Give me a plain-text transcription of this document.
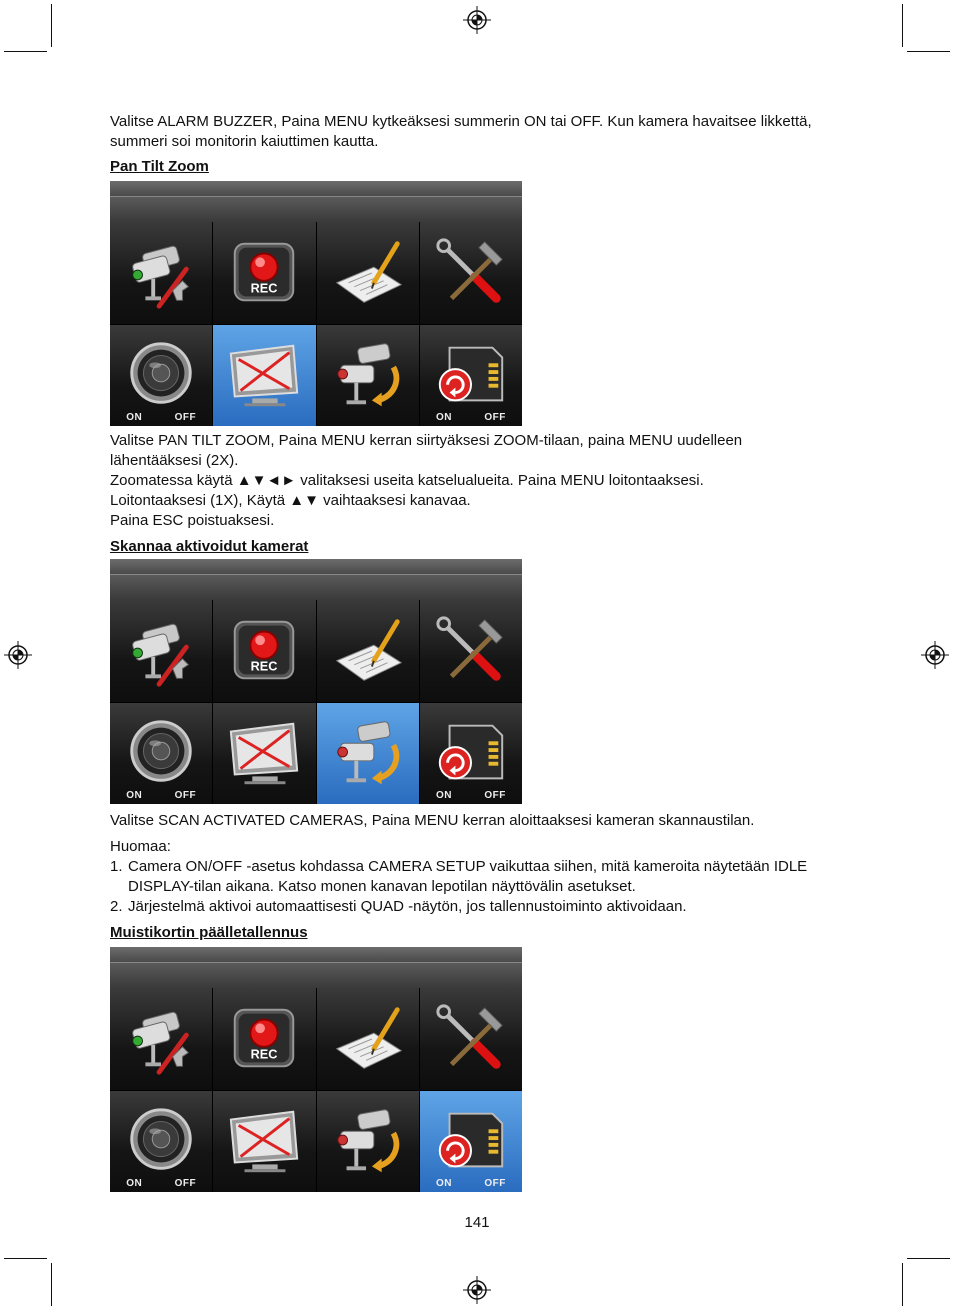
Valitse ALARM BUZZER, Paina MENU kytkeäksesi summerin ON tai OFF. Kun kamera havaitsee likkettä, summeri soi monitorin kaiuttimen kautta.

Pan Tilt Zoom

REC
ON	OFF	ON	OFF
Valitse PAN TILT ZOOM, Paina MENU kerran siirtyäksesi ZOOM-tilaan, paina MENU uudelleen lähentääksesi (2X).
Zoomatessa käytä ▲▼◄► valitaksesi useita katselualueita. Paina MENU loitontaaksesi.
Loitontaaksesi (1X), Käytä ▲▼ vaihtaaksesi kanavaa.
Paina ESC poistuaksesi.

Skannaa aktivoidut kamerat

REC
ON	OFF	ON	OFF

Valitse SCAN ACTIVATED CAMERAS, Paina MENU kerran aloittaaksesi kameran skannaustilan.

Huomaa:

1. Camera ON/OFF -asetus kohdassa CAMERA SETUP vaikuttaa siihen, mitä kameroita näytetään IDLE DISPLAY-tilan aikana. Katso monen kanavan lepotilan näyttövälin asetukset.
2. Järjestelmä aktivoi automaattisesti QUAD -näytön, jos tallennustoiminto aktivoidaan.

Muistikortin päälletallennus

REC
ON	OFF	ON	OFF
141
